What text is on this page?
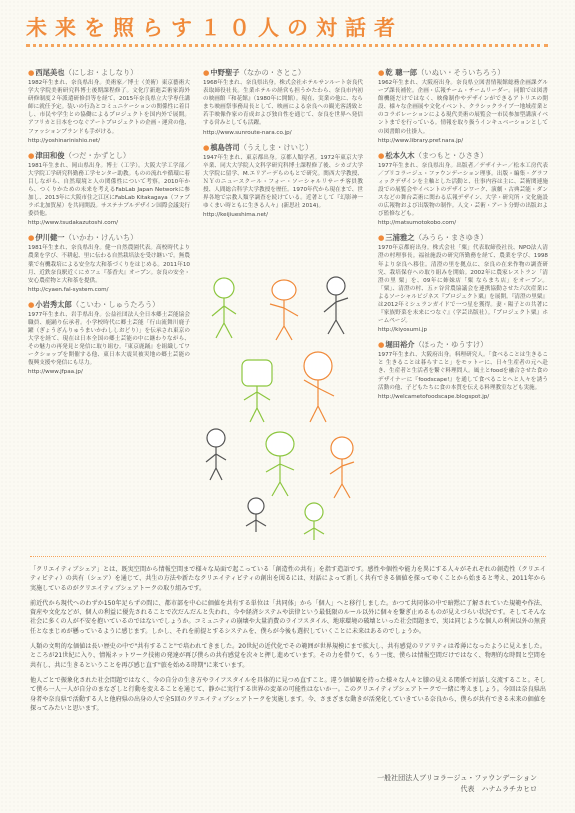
未来を照らす１０人の対話者
●西尾美也（にしお・よしなり）

1982年生まれ、奈良県出身。美術家／博士（美術）東京藝術大学大学院美術研究科博士後期課程修了。文化庁新進芸術家海外研修制度２年派遣研修員等を経て、2015年奈良県立大学専任講師に就任予定。装いの行為とコミュニケーションの関係性に着目し、市民や学生との協働によるプロジェクトを国内外で展開。アフリカと日本をつなぐアートプロジェクトの企画・運営の他、ファッションブランドも手がける。

http://yoshinarinishio.net/

●津田和俊（つだ・かずとし）

1981年生まれ、岡山県出身。博士（工学）。大阪大学工学部／大学院工学研究科勤務工学センター助教。ものの流れや循環に着目しながら、自然環境と人の関係性について考察。2010年から、つくりかための未来を考えるFabLab Japan Networkに参加し、2013年に大阪市住之江区にFabLab Kitakagaya（ファブラボ北加賀屋）を共同開設。サステナブルデザイン国際会議実行委員他。

http://www.tsudakazutoshi.com/

●伊川健一（いかわ・けんいち）

1981年生まれ、奈良県出身。健一自然農園代表。高校時代より農業を学び、不耕起、里に伝わる自然栽培法を受け継いで。無農薬で有機栽培による安全な大和茶づくりをはじめる。2011年10月、近鉄奈良駅近くにカフェ『茶香夫』オープン。奈良の安全・安心農産物と大和茶を提供。

http://cyaen.fal-system.com/

●小岩秀太郎（こいわ・しゅうたろう）

1977年生まれ、岩手県出身。公益社団法人全日本郷土芸能協会職員、鹿踊り伝承者。小学校時代に郷土芸能「行山流舞川鹿子躍（ぎょうざんりゅうまいかわししおどり）」を伝承され東京の大学を経て、現在は日本全国の郷土芸能の中に継わりながら、その魅力の再発見と発信に取り組む。『東京鹿踊』を組織してワークショップを開催する他、東日本大震災被災地の郷土芸能の復興支援や発信にも尽力。

http://www.jfpaa.jp/

●中野聖子（なかの・さとこ）

1968年生まれ、奈良県出身。株式会社ホテルサンルート奈良代表取締役社長。生業ホテルの経営も担うかたわら、奈良市内初の映画館『和花館』（1980年に開館）。現在、実業の他に、ならまち映画祭事務局長として、映画による奈良への観光客誘致と若手映像作家の育成および独自性を通じて、奈良を世界へ発信する営みとしても活躍。

http://www.sunroute-nara.co.jp/

●槙島啓司（うえしま・けいじ）

1947年生まれ、東京都出身。京都人類学者。1972年東京大学卒業、同大大学院人文科学研究科博士課程修了後、シカゴ大学大学院に留学、M.エリアーデらのもとで研究。関西大学教授、ＮＹのニュースクール・フォー・ソーシャルリサーチ客員教授、人間総合科学大学教授を歴任。1970年代から現在まで、世界各地で宗教人類学調査を続けている。近著として『幻影神一ゆくまい時ともに生きる人々』(新思社 2014)。

http://keijiueshima.net/

●乾 聰一郎（いぬい・そういちろう）

1962年生まれ、大阪府出身。奈良県立図書情報館総務企画課グループ課長補佐。企画・広報チーム・チームリーダー。同館では図書館機能だけではなく、映像制作やデザインができるアトリエの開設、様々な企画展や文化イベント、クラシックライブ一地域産業とのコラボレーションによる現代美術の展覧会一市民参加型講演イベントまでを行っている。情報を取り扱うインキュベーションとしての図書館の仕掛人。

http://www.library.pref.nara.jp/

●松本久木（まつもと・ひさき）

1977年生まれ、奈良県出身。出版者／デザイナー／松本工房代表／ブリコラージュ・ファウンデーション理事。出版・編集・グラフィックデザインを主軸とした活動と、仕事内容は主に、芸術関連施設での展覧会やイベントのデザインワーク、演劇・古典芸能・ダンスなどの舞台芸術に関わる広報デザイン、大学・研究所・文化施設の広報物および出版物の制作。人文・芸術・アート分野の出版および監修なども。

http://matsumotokobo.com/

●三浦雅之（みうら・まさゆき）

1970年京都府出身。株式会社「粟」代表取締役社長、NPO法人清澄の村理事長。福祉施設の研究所勤務を経て、農業を学び、1998年より奈良へ移住。清澄の里を拠点に、奈良の在来作物の調査研究、栽培保存への取り組みを開始。2002年に農家レストラン「清澄の里 粟」を、09年に姉妹店「粟 ならまち店」をオープン。「粟」、清澄の村、五ヶ谷営農協議会を連携協動させた六次産業によるソーシャルビジネス『プロジェクト粟』を展開。『清澄の里粟』は2012年ミシュランガイドで一つ星を獲得。妻・陽子との共著に『家族野菜を未来につなぐ』（学芸出版社）。『プロジェクト粟』ホームページ。

http://kiyosumi.jp

●堀田裕介（ほった・ゆうすけ）

1977年生まれ、大阪府出身。料理研究人。「食べることは生きること 生きることは暮らすこと」をモットーに、日々生産者の元へ赴き、生産者と生活者を繋ぐ料理問人。風土とfoodを融合させた食のデザイナーに『foodscape!』を通して食べることへと人々を誘う活動の他、子どもたちに食の本質を伝える料理教室なども実施。

http://welcametofoodscape.blogspot.jp/

「クリエイティブシェア」とは、既実空間から情報空間まで様々な局面で起こっている「創造性の共有」を指す造語です。感性や個性や能力を異にする人々がそれぞれの創造性（クリエイティビティ）の共有（シェア）を通じて、共生の方法や新たなクリエイティビティの創出を図るには、対話によって新しく共有できる価値を探ってゆくことから始まると考え、2011年から実施しているのがクリエイティブシェアトークの取り組みです。

前近代から現代へのわずか150年足らずの間に、都市部を中心に価値を共有する単位は「共同体」から「個人」へと移行しました。かつて共同体の中で暗黙に了解されていた規範や作法、資産や文化などが、個人の利益に優先されることで次だんだんと失われ、今や経済システムや法律という最低限のルール以外に個々を繋ぎ止めるものが見えづらい状況です。そしてそんな社会に多くの人が不安を抱いているのではないでしょうか。コミュニティの崩壊や大量消費のライフスタイル、地球環境の破壊といった社会問題まで、実は同じような個人の利害以外の無責任となまじめが懸っているように感じます。しかし、それを前提とするシステムを、僕らが今後も選択していくことに未来はあるのでしょうか。

人類の文明的な価値は長い歴史の中で"共有すること"で培われてきました。20世紀の近代化でその範囲が世界規模にまで拡大し、共有感覚のリアリティは希薄になったように見えました。ところが21世紀に入り、情報ネットワーク技術の発達が再び僕らの共有感覚を次々と押し進めています。その力を借りて、もう一度、僕らは情報空間だけではなく、物理的な時間と空間を共有し、共に生きるということを再び感じ直す"旅を始める時期"に来ています。

他人ごとで振象化された社会問題ではなく、今の自分の生き方やライフスタイルを具体的に見つめ直すこと。違う価値観を持った様々な人々と膝の見える関係で対話し交流すること。そして僕ら一人一人が自分のまなざしと行動を変えることを通じて、静かに実行する世界の変革の可能性はないか一。このクリエイティブシェアトークで一緒に考えましょう。今回は奈良県出身者や奈良県で活動する人と他府県の出身の人で全5回のクリエイティブシェアトークを実施します。今、さまざまな動きが活発化していきている奈良から、僕らが共有できる未来の価値を探ってみたいと思います。

一般社団法人ブリコラージュ・ファウンデーション
代表　ハナムラチカヒロ
